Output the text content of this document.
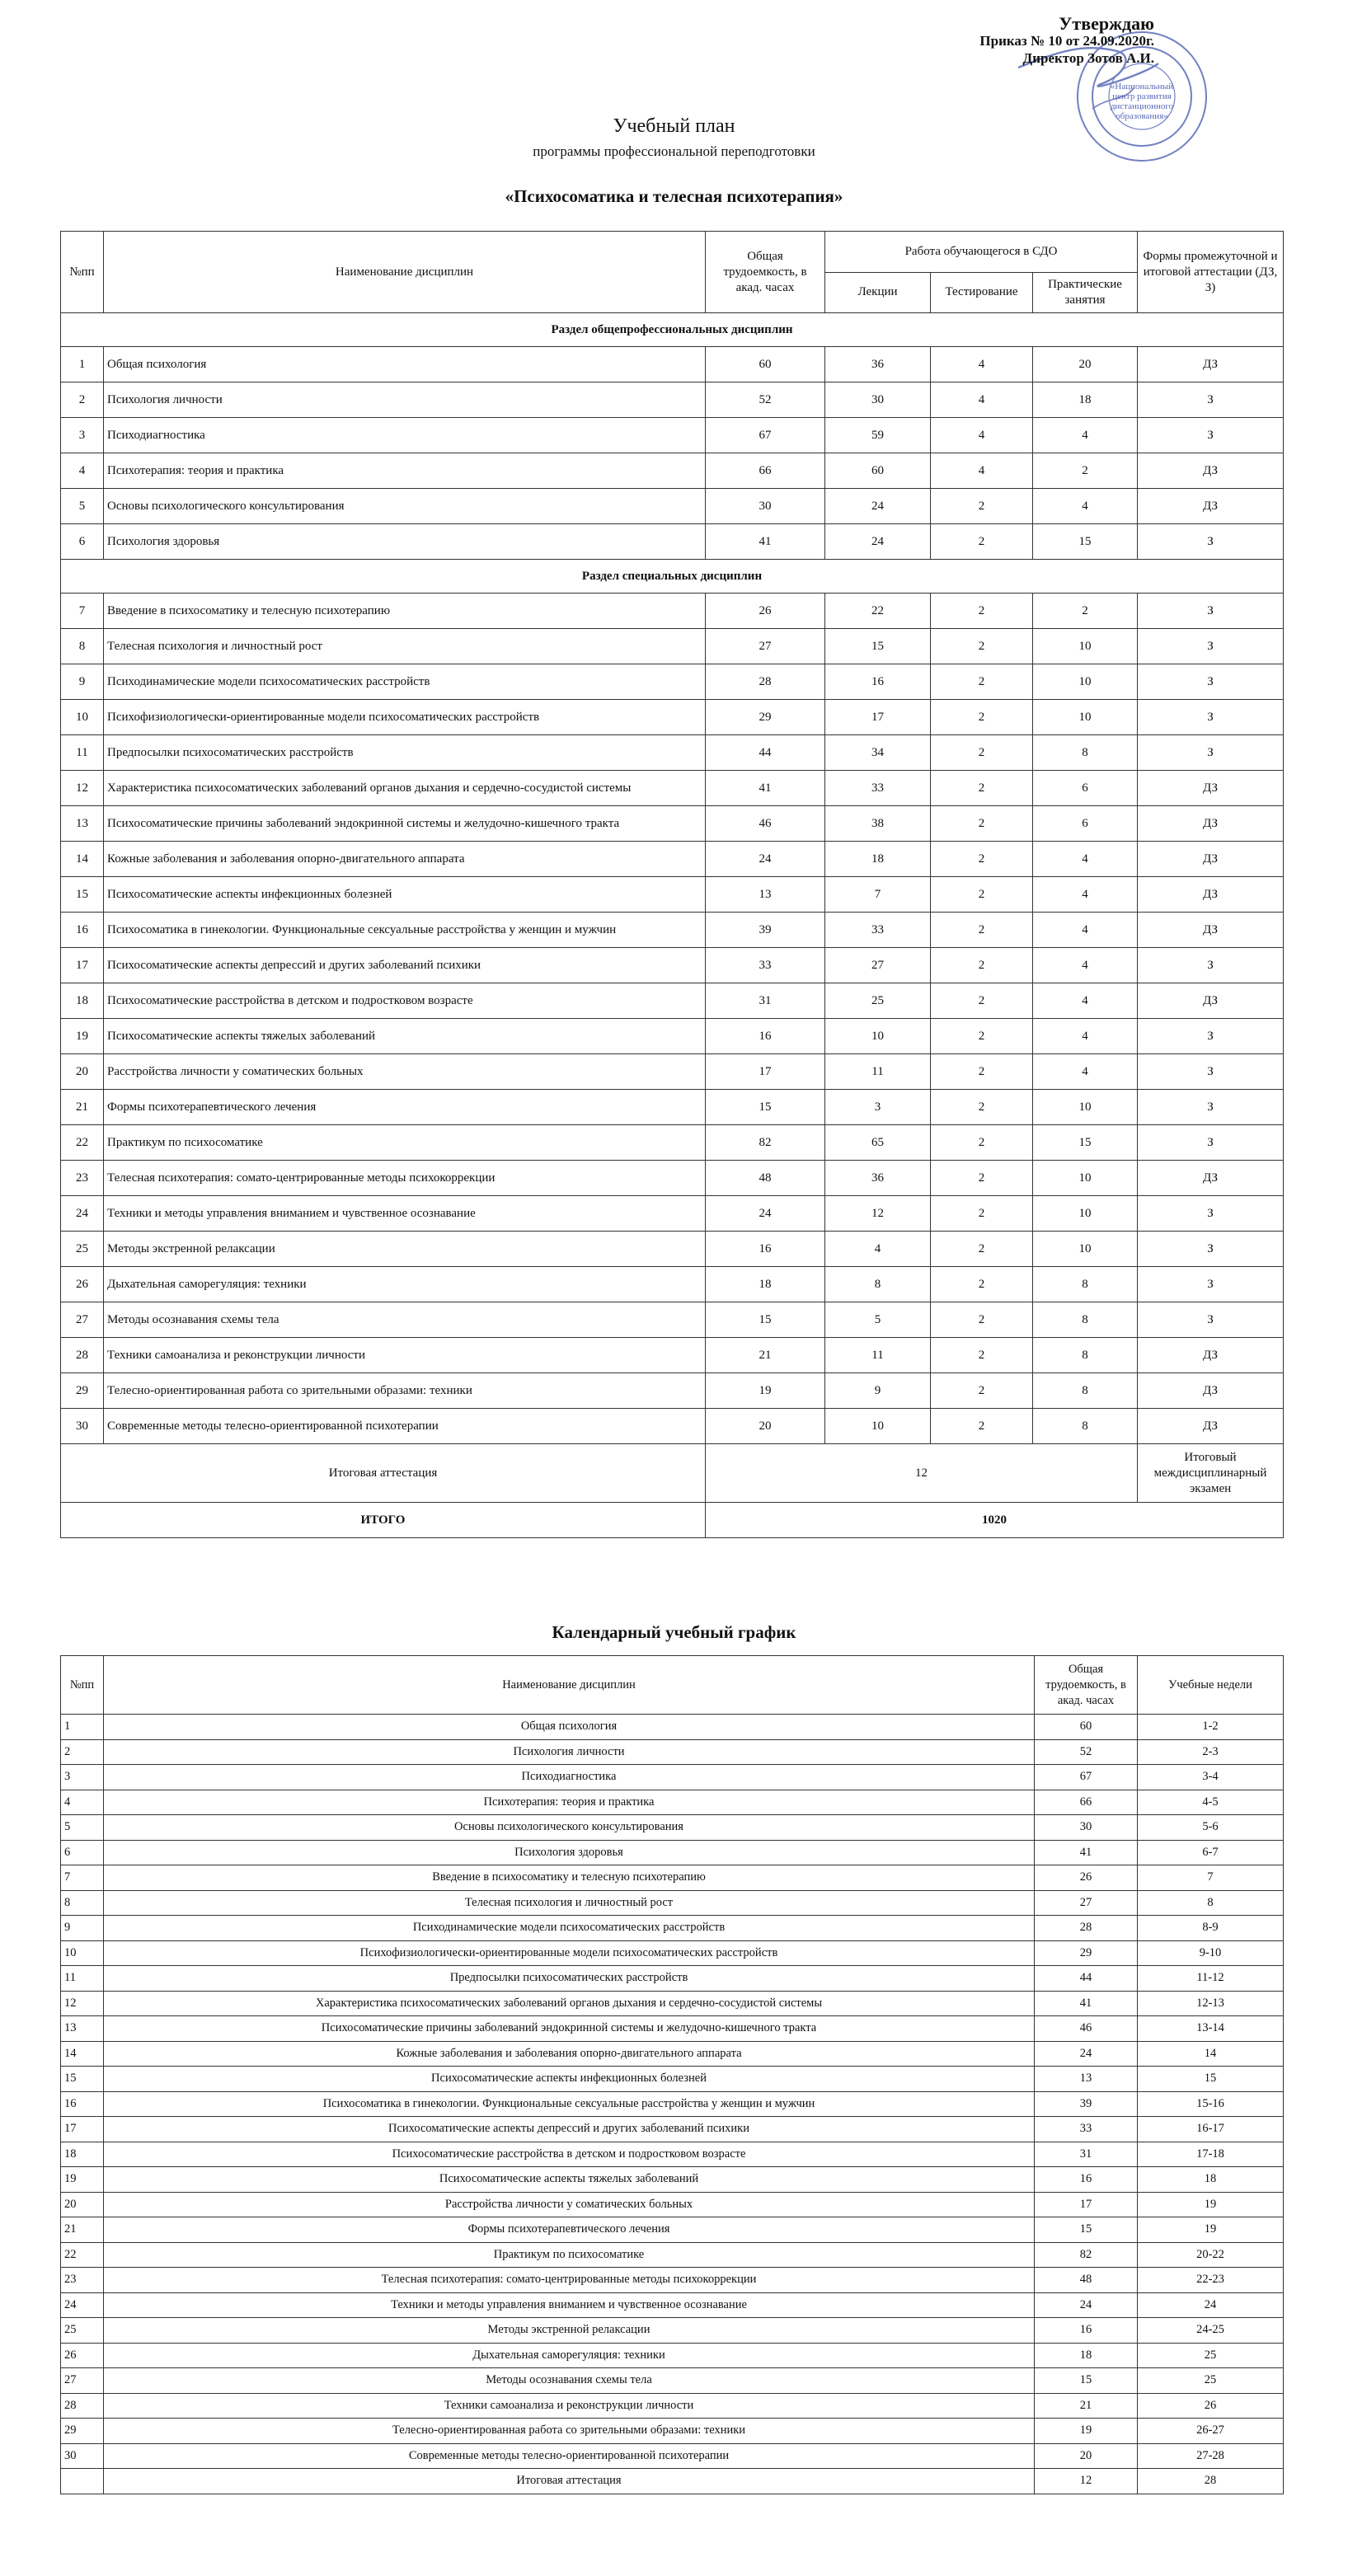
«Национальный
центр развития
дистанционного
образования»
Утверждаю
Приказ № 10 от 24.09.2020г.
Директор Зотов А.И.
Учебный план
программы профессиональной переподготовки
«Психосоматика и телесная психотерапия»
№пп	Наименование дисциплин	Общая трудоемкость, в акад. часах	Работа обучающегося в СДО			Формы промежуточной и итоговой аттестации (ДЗ, З)
			Лекции	Тестирование	Практические занятия	
Раздел общепрофессиональных дисциплин						
1	Общая психология	60	36	4	20	ДЗ
2	Психология личности	52	30	4	18	З
3	Психодиагностика	67	59	4	4	З
4	Психотерапия: теория и практика	66	60	4	2	ДЗ
5	Основы психологического консультирования	30	24	2	4	ДЗ
6	Психология здоровья	41	24	2	15	З
Раздел специальных дисциплин						
7	Введение в психосоматику и телесную психотерапию	26	22	2	2	З
8	Телесная психология и личностный рост	27	15	2	10	З
9	Психодинамические модели психосоматических расстройств	28	16	2	10	З
10	Психофизиологически-ориентированные модели психосоматических расстройств	29	17	2	10	З
11	Предпосылки психосоматических расстройств	44	34	2	8	З
12	Характеристика психосоматических заболеваний органов дыхания и сердечно-сосудистой системы	41	33	2	6	ДЗ
13	Психосоматические причины заболеваний эндокринной системы и желудочно-кишечного тракта	46	38	2	6	ДЗ
14	Кожные заболевания и заболевания опорно-двигательного аппарата	24	18	2	4	ДЗ
15	Психосоматические аспекты инфекционных болезней	13	7	2	4	ДЗ
16	Психосоматика в гинекологии. Функциональные сексуальные расстройства у женщин и мужчин	39	33	2	4	ДЗ
17	Психосоматические аспекты депрессий и других заболеваний психики	33	27	2	4	З
18	Психосоматические расстройства в детском и подростковом возрасте	31	25	2	4	ДЗ
19	Психосоматические аспекты тяжелых заболеваний	16	10	2	4	З
20	Расстройства личности у соматических больных	17	11	2	4	З
21	Формы психотерапевтического лечения	15	3	2	10	З
22	Практикум по психосоматике	82	65	2	15	З
23	Телесная психотерапия: сомато-центрированные методы психокоррекции	48	36	2	10	ДЗ
24	Техники и методы управления вниманием и чувственное осознавание	24	12	2	10	З
25	Методы экстренной релаксации	16	4	2	10	З
26	Дыхательная саморегуляция: техники	18	8	2	8	З
27	Методы осознавания схемы тела	15	5	2	8	З
28	Техники самоанализа и реконструкции личности	21	11	2	8	ДЗ
29	Телесно-ориентированная работа со зрительными образами: техники	19	9	2	8	ДЗ
30	Современные методы телесно-ориентированной психотерапии	20	10	2	8	ДЗ
Итоговая аттестация		12				Итоговый междисциплинарный экзамен
ИТОГО		1020				
Календарный учебный график
№пп	Наименование дисциплин	Общая трудоемкость, в акад. часах	Учебные недели
1	Общая психология	60	1-2
2	Психология личности	52	2-3
3	Психодиагностика	67	3-4
4	Психотерапия: теория и практика	66	4-5
5	Основы психологического консультирования	30	5-6
6	Психология здоровья	41	6-7
7	Введение в психосоматику и телесную психотерапию	26	7
8	Телесная психология и личностный рост	27	8
9	Психодинамические модели психосоматических расстройств	28	8-9
10	Психофизиологически-ориентированные модели психосоматических расстройств	29	9-10
11	Предпосылки психосоматических расстройств	44	11-12
12	Характеристика психосоматических заболеваний органов дыхания и сердечно-сосудистой системы	41	12-13
13	Психосоматические причины заболеваний эндокринной системы и желудочно-кишечного тракта	46	13-14
14	Кожные заболевания и заболевания опорно-двигательного аппарата	24	14
15	Психосоматические аспекты инфекционных болезней	13	15
16	Психосоматика в гинекологии. Функциональные сексуальные расстройства у женщин и мужчин	39	15-16
17	Психосоматические аспекты депрессий и других заболеваний психики	33	16-17
18	Психосоматические расстройства в детском и подростковом возрасте	31	17-18
19	Психосоматические аспекты тяжелых заболеваний	16	18
20	Расстройства личности у соматических больных	17	19
21	Формы психотерапевтического лечения	15	19
22	Практикум по психосоматике	82	20-22
23	Телесная психотерапия: сомато-центрированные методы психокоррекции	48	22-23
24	Техники и методы управления вниманием и чувственное осознавание	24	24
25	Методы экстренной релаксации	16	24-25
26	Дыхательная саморегуляция: техники	18	25
27	Методы осознавания схемы тела	15	25
28	Техники самоанализа и реконструкции личности	21	26
29	Телесно-ориентированная работа со зрительными образами: техники	19	26-27
30	Современные методы телесно-ориентированной психотерапии	20	27-28
	Итоговая аттестация	12	28
